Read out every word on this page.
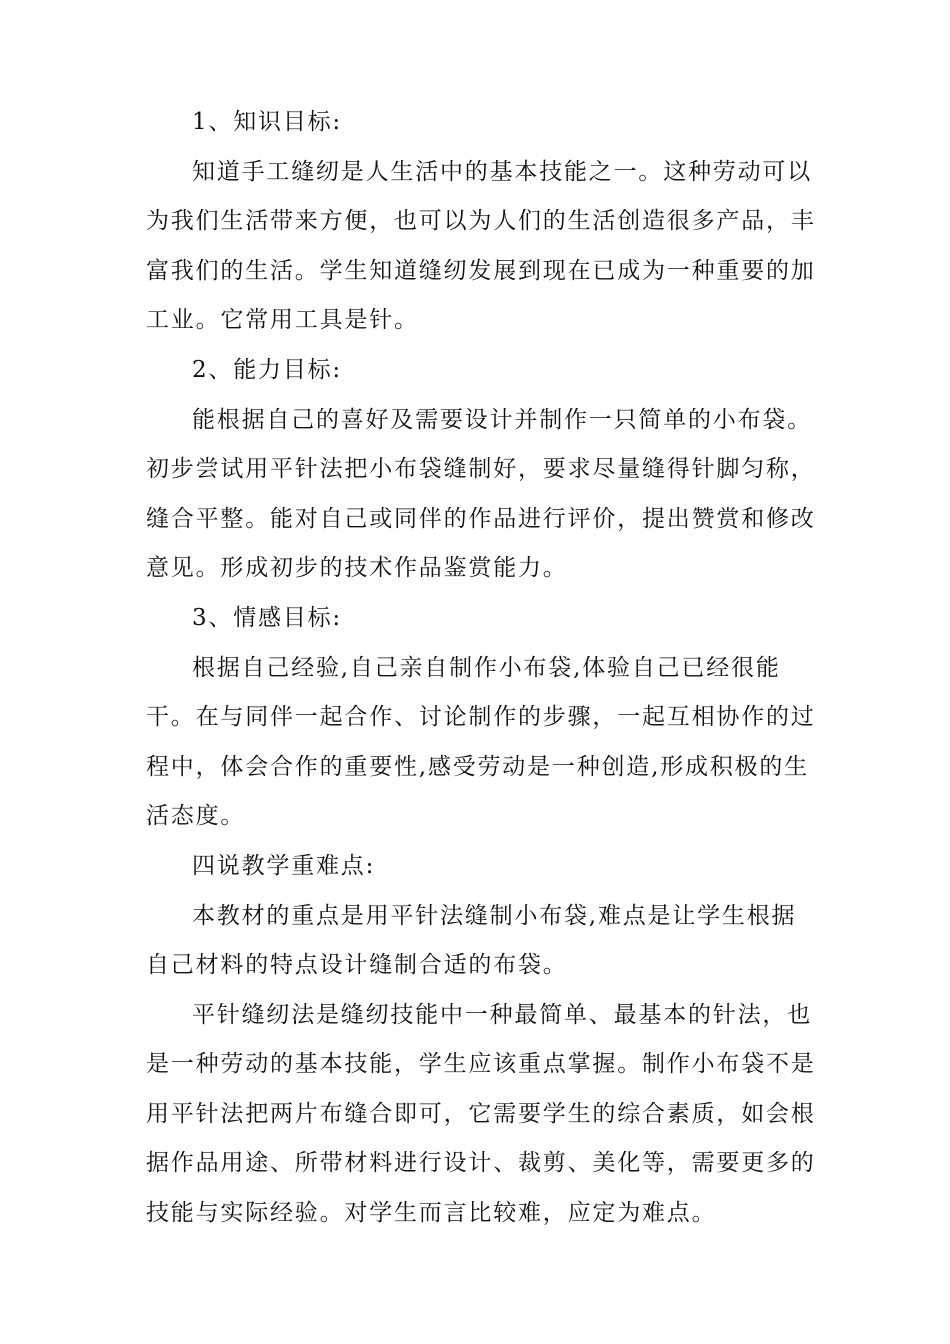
1、知识目标:

知道手工缝纫是人生活中的基本技能之一。这种劳动可以为我们生活带来方便，也可以为人们的生活创造很多产品，丰富我们的生活。学生知道缝纫发展到现在已成为一种重要的加工业。它常用工具是针。

2、能力目标:

能根据自己的喜好及需要设计并制作一只简单的小布袋。初步尝试用平针法把小布袋缝制好，要求尽量缝得针脚匀称，缝合平整。能对自己或同伴的作品进行评价，提出赞赏和修改意见。形成初步的技术作品鉴赏能力。

3、情感目标:

根据自己经验,自己亲自制作小布袋,体验自己已经很能干。在与同伴一起合作、讨论制作的步骤，一起互相协作的过程中，体会合作的重要性,感受劳动是一种创造,形成积极的生活态度。

四说教学重难点:

本教材的重点是用平针法缝制小布袋,难点是让学生根据自己材料的特点设计缝制合适的布袋。

平针缝纫法是缝纫技能中一种最简单、最基本的针法，也是一种劳动的基本技能，学生应该重点掌握。制作小布袋不是用平针法把两片布缝合即可，它需要学生的综合素质，如会根据作品用途、所带材料进行设计、裁剪、美化等，需要更多的技能与实际经验。对学生而言比较难，应定为难点。
